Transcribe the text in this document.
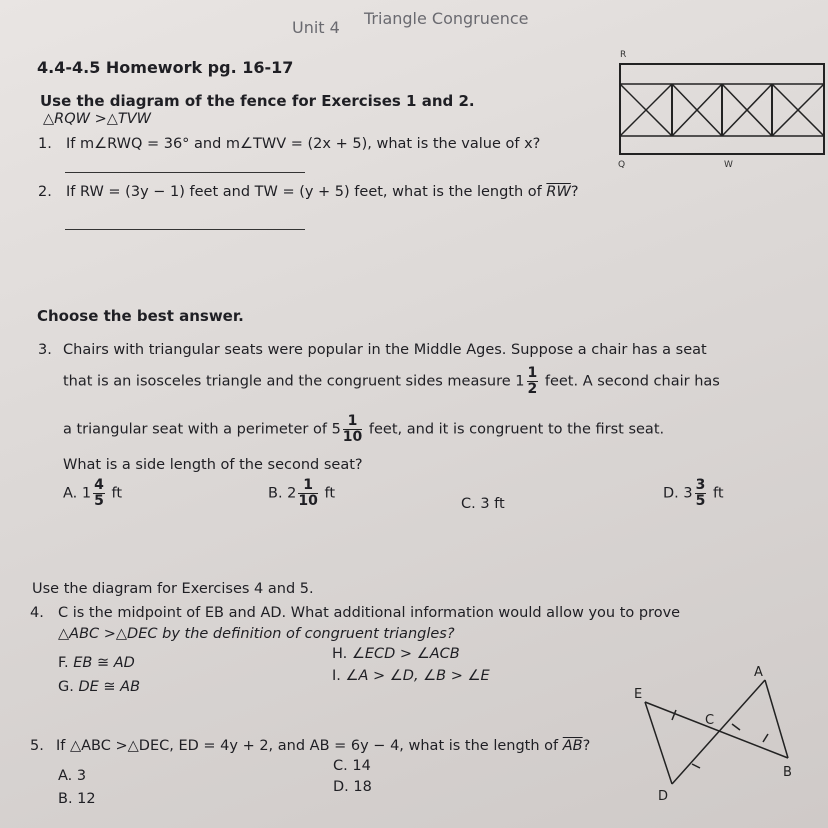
Unit 4 Triangle Congruence
4.4-4.5 Homework pg. 16-17
Use the diagram of the fence for Exercises 1 and 2.
△RQW >△TVW
R
Q	W
1. If m∠RWQ = 36° and m∠TWV = (2x + 5), what is the value of x?
2. If RW = (3y − 1) feet and TW = (y + 5) feet, what is the length of $\overline{RW}$?
Choose the best answer.
3. Chairs with triangular seats were popular in the Middle Ages. Suppose a chair has a seat
that is an isosceles triangle and the congruent sides measure $1 \frac{1}{2}$ feet. A second chair has
a triangular seat with a perimeter of $5 \frac{1}{10}$ feet, and it is congruent to the first seat.
What is a side length of the second seat?
A. $1 \frac{4}{5}$ ft	B. $2 \frac{1}{10}$ ft
C. 3 ft
D. $3 \frac{3}{5}$ ft
Use the diagram for Exercises 4 and 5.
4. C is the midpoint of EB and AD. What additional information would allow you to prove
△ABC >△DEC by the definition of congruent triangles?
F. EB ≅ AD
G. DE ≅ AB
H. ∠ECD > ∠ACB
I. ∠A > ∠D, ∠B > ∠E
E
A
C
B
D
5. If △ABC >△DEC, ED = 4y + 2, and AB = 6y − 4, what is the length of $\overline{AB}$?
A. 3
B. 12
C. 14
D. 18
